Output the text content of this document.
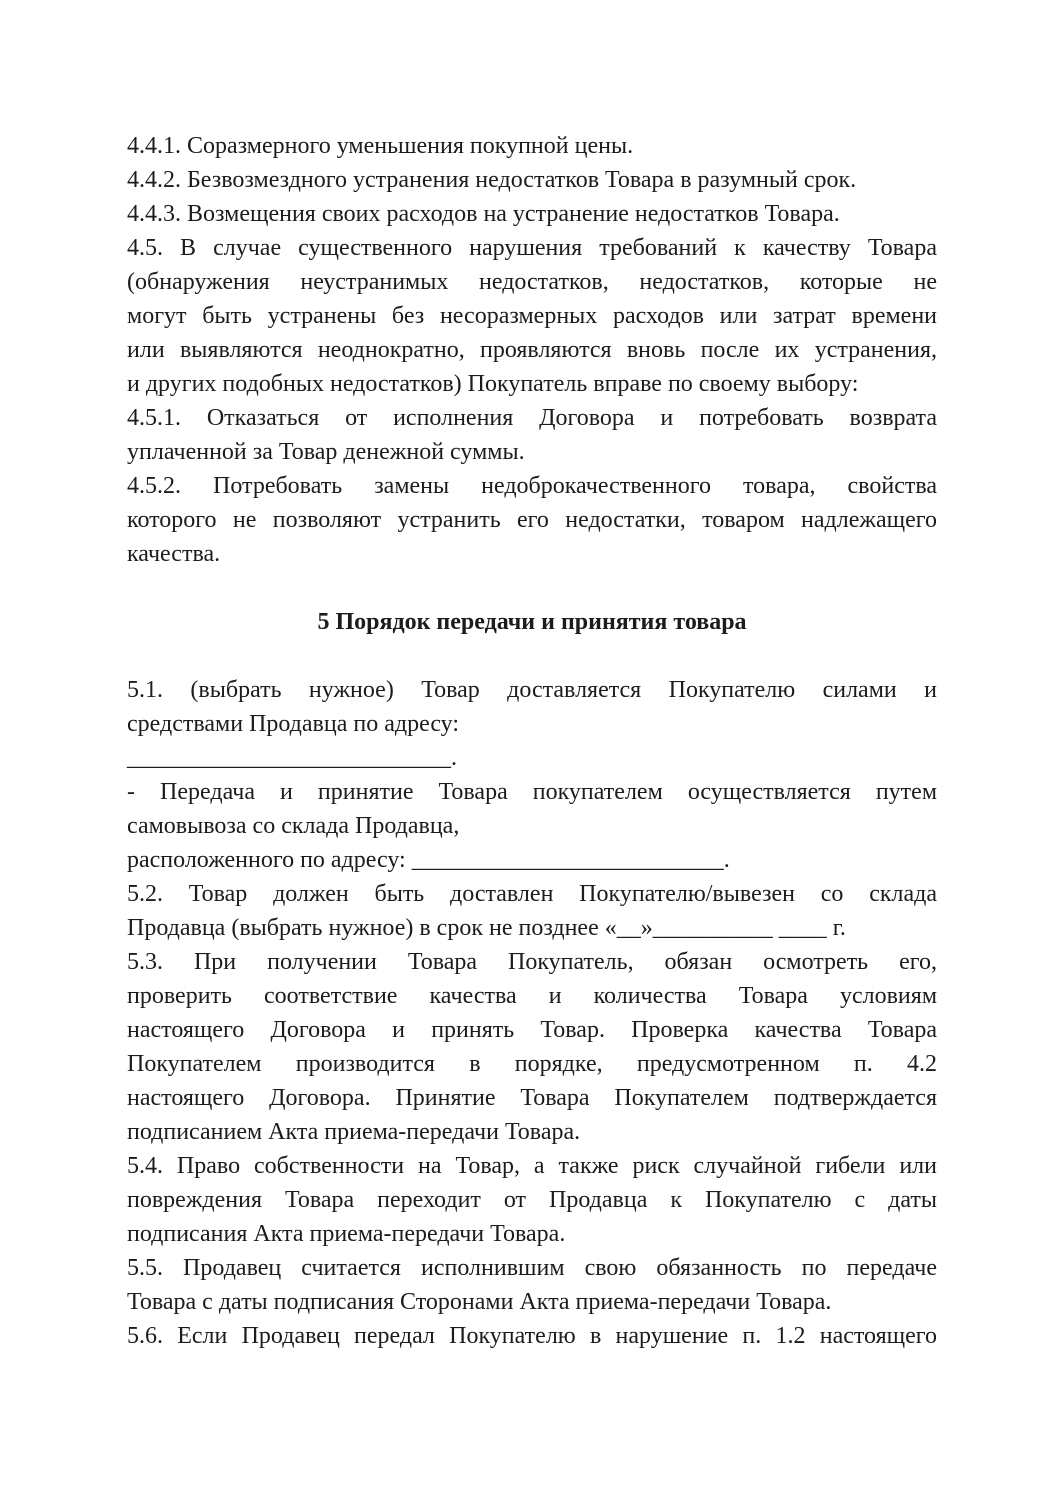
4.4.1. Соразмерного уменьшения покупной цены.
4.4.2. Безвозмездного устранения недостатков Товара в разумный срок.
4.4.3. Возмещения своих расходов на устранение недостатков Товара.
4.5. В случае существенного нарушения требований к качеству Товара
(обнаружения неустранимых недостатков, недостатков, которые не
могут быть устранены без несоразмерных расходов или затрат времени
или выявляются неоднократно, проявляются вновь после их устранения,
и других подобных недостатков) Покупатель вправе по своему выбору:
4.5.1. Отказаться от исполнения Договора и потребовать возврата
уплаченной за Товар денежной суммы.
4.5.2. Потребовать замены недоброкачественного товара, свойства
которого не позволяют устранить его недостатки, товаром надлежащего
качества.

5 Порядок передачи и принятия товара

5.1. (выбрать нужное) Товар доставляется Покупателю силами и
средствами Продавца по адресу:
___________________________.
- Передача и принятие Товара покупателем осуществляется путем
самовывоза со склада Продавца,
расположенного по адресу: __________________________.
5.2. Товар должен быть доставлен Покупателю/вывезен со склада
Продавца (выбрать нужное) в срок не позднее «__»__________ ____ г.
5.3. При получении Товара Покупатель, обязан осмотреть его,
проверить соответствие качества и количества Товара условиям
настоящего Договора и принять Товар. Проверка качества Товара
Покупателем производится в порядке, предусмотренном п. 4.2
настоящего Договора. Принятие Товара Покупателем подтверждается
подписанием Акта приема-передачи Товара.
5.4. Право собственности на Товар, а также риск случайной гибели или
повреждения Товара переходит от Продавца к Покупателю с даты
подписания Акта приема-передачи Товара.
5.5. Продавец считается исполнившим свою обязанность по передаче
Товара с даты подписания Сторонами Акта приема-передачи Товара.
5.6. Если Продавец передал Покупателю в нарушение п. 1.2 настоящего
